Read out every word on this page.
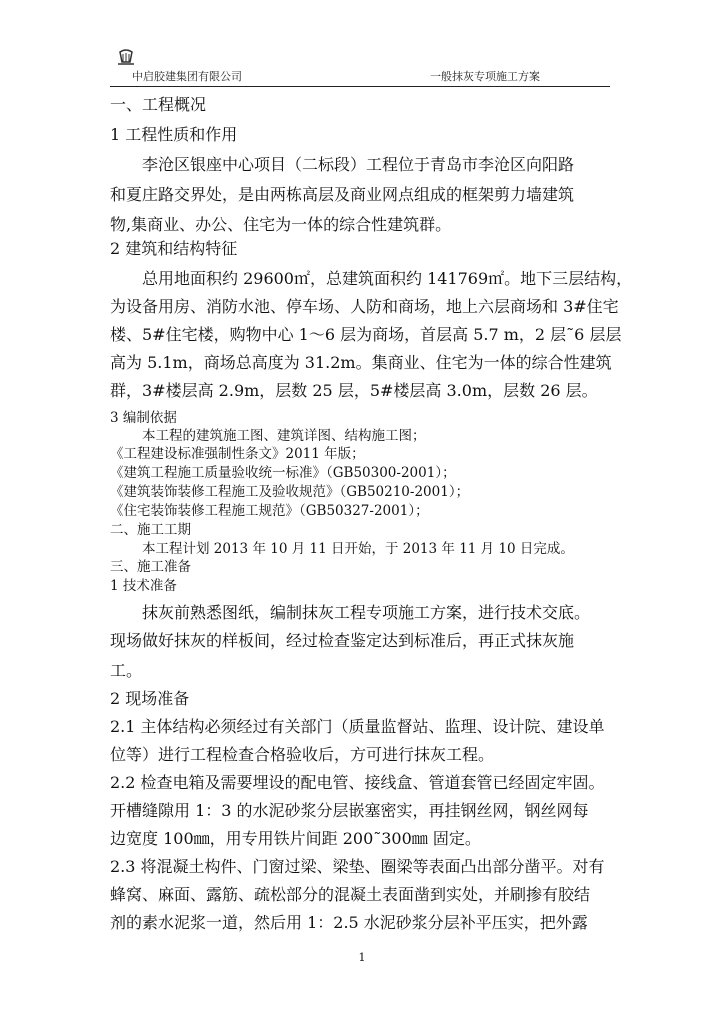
中启胶建集团有限公司	一般抹灰专项施工方案
一、工程概况
1 工程性质和作用
李沧区银座中心项目（二标段）工程位于青岛市李沧区向阳路
和夏庄路交界处，是由两栋高层及商业网点组成的框架剪力墙建筑
物,集商业、办公、住宅为一体的综合性建筑群。
2 建筑和结构特征
总用地面积约 29600㎡，总建筑面积约 141769㎡。地下三层结构，
为设备用房、消防水池、停车场、人防和商场，地上六层商场和 3#住宅
楼、5#住宅楼，购物中心 1～6 层为商场，首层高 5.7 m，2 层˜6 层层
高为 5.1m，商场总高度为 31.2m。集商业、住宅为一体的综合性建筑
群，3#楼层高 2.9m，层数 25 层，5#楼层高 3.0m，层数 26 层。
3 编制依据
本工程的建筑施工图、建筑详图、结构施工图；
《工程建设标准强制性条文》2011 年版；
《建筑工程施工质量验收统一标准》（GB50300-2001）；
《建筑装饰装修工程施工及验收规范》（GB50210-2001）；
《住宅装饰装修工程施工规范》（GB50327-2001）；
二、施工工期
本工程计划 2013 年 10 月 11 日开始，于 2013 年 11 月 10 日完成。
三、施工准备
1 技术准备
抹灰前熟悉图纸，编制抹灰工程专项施工方案，进行技术交底。
现场做好抹灰的样板间，经过检查鉴定达到标准后，再正式抹灰施
工。
2 现场准备
2.1 主体结构必须经过有关部门（质量监督站、监理、设计院、建设单
位等）进行工程检查合格验收后，方可进行抹灰工程。
2.2 检查电箱及需要埋设的配电管、接线盒、管道套管已经固定牢固。
开槽缝隙用 1：3 的水泥砂浆分层嵌塞密实，再挂钢丝网，钢丝网每
边宽度 100㎜，用专用铁片间距 200˜300㎜ 固定。
2.3 将混凝土构件、门窗过梁、梁垫、圈梁等表面凸出部分凿平。对有
蜂窝、麻面、露筋、疏松部分的混凝土表面凿到实处，并刷掺有胶结
剂的素水泥浆一道，然后用 1：2.5 水泥砂浆分层补平压实，把外露
1
